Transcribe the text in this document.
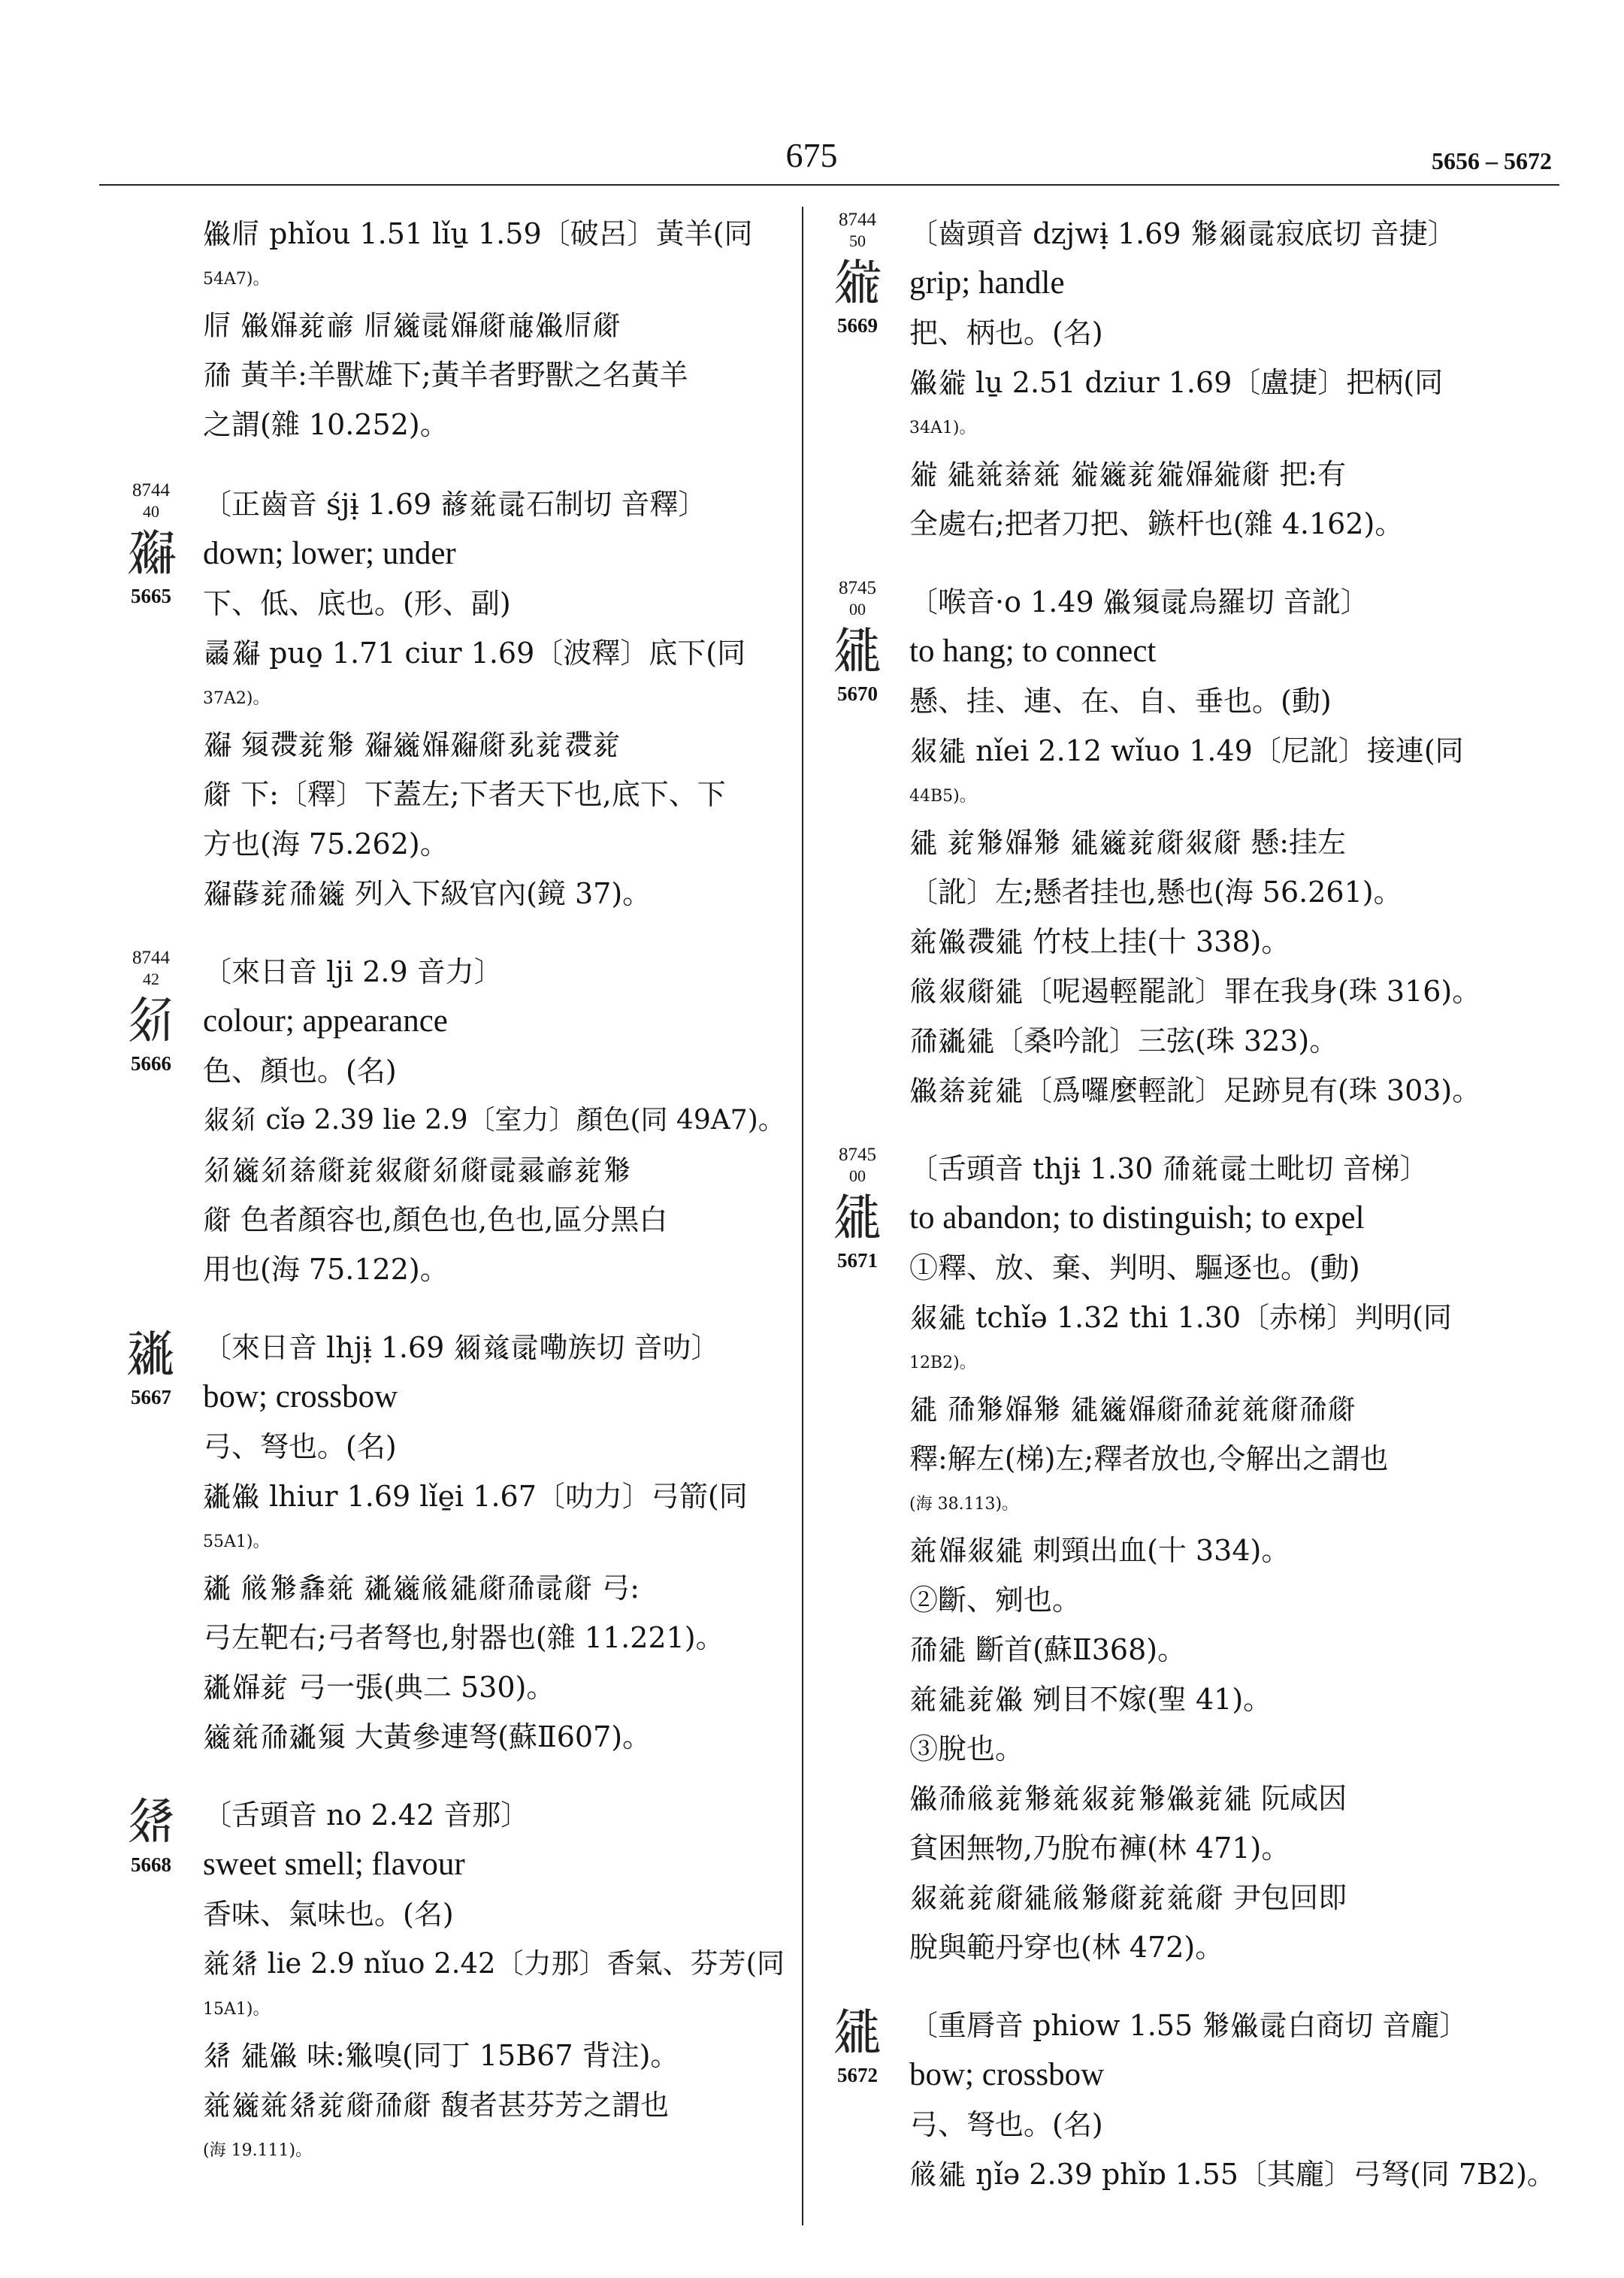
675	5656 – 5672
𗏹𗄭 phǐou 1.51 lǐu̱ 1.59〔破呂〕黃羊(同
54A7)。
𗄭 𗏹𗏵𗐱𗑗 𗄭𗫂𗕑𗏵𗏆𗑷𗏹𗄭𗏆
𗗙 黃羊:羊獸雄下;黃羊者野獸之名黃羊
之謂(雜 10.252)。
8744
40
𗘅
5665
〔正齒音 śjɨ̣ 1.69 𗒘𗑾𗕑石制切 音釋〕
down; lower; under
下、低、底也。(形、副)
𗰭𗘅 puo̱ 1.71 ciur 1.69〔波釋〕底下(同
37A2)。
𗘅 𗊪𗖯𗐱𗊬 𗘅𗫂𗏵𗘅𗏆𗎘𗐱𗖯𗐱
𗏆 下:〔釋〕下蓋左;下者天下也,底下、下
方也(海 75.262)。
𗘅𗛧𗐱𗗙𗫂 列入下級官內(鏡 37)。
8744
42
𗢯
5666
〔來日音 lji 2.9 音力〕
colour; appearance
色、顏也。(名)
𗤒𗢯 cǐə 2.39 lie 2.9〔室力〕顏色(同 49A7)。
𗢯𗫂𗢯𗒇𗏆𗐱𗤒𗏆𗢯𗏆𗕑𗕥𗑗𗐱𗊬
𗏆 色者顏容也,顏色也,色也,區分黑白
用也(海 75.122)。
𗡶
5667
〔來日音 lhjɨ̣ 1.69 𗥃𗒛𗕑嘞族切 音叻〕
bow; crossbow
弓、弩也。(名)
𗡶𗏹 lhiur 1.69 lǐe̱i 1.67〔叻力〕弓箭(同
55A1)。
𗡶 𗏅𗊬𗐕𗑾 𗡶𗫂𗏅𗧓𗏆𗗙𗕑𗏆 弓:
弓左靶右;弓者弩也,射器也(雜 11.221)。
𗡶𗏵𗐱 弓一張(典二 530)。
𗫂𗑾𗗙𗡶𗊪 大黃參連弩(蘇Ⅱ607)。
𗣉
5668
〔舌頭音 no 2.42 音那〕
sweet smell; flavour
香味、氣味也。(名)
𗑾𗣉 lie 2.9 nǐuo 2.42〔力那〕香氣、芬芳(同
15A1)。
𗣉 𗧓𗏹 味:𗋰嗅(同丁 15B67 背注)。
𗑾𗫂𗑾𗣉𗐱𗏆𗗙𗏆 馥者甚芬芳之謂也
(海 19.111)。
8744
50
𗨁
5669
〔齒頭音 dzjwɨ̣ 1.69 𗊬𗥃𗕑寂底切 音捷〕
grip; handle
把、柄也。(名)
𗏹𗨁 lu̱ 2.51 dziur 1.69〔盧捷〕把柄(同
34A1)。
𗨁 𗧓𗑾𗒇𗑾 𗨁𗫂𗐱𗨁𗏵𗨁𗏆 把:有
全處右;把者刀把、鏃杆也(雜 4.162)。
8745
00
𗧓
5670
〔喉音·o 1.49 𗏹𗊪𗕑烏羅切 音訛〕
to hang; to connect
懸、挂、連、在、自、垂也。(動)
𗤒𗧓 nǐei 2.12 wǐuo 1.49〔尼訛〕接連(同
44B5)。
𗧓 𗐱𗊬𗏵𗊬 𗧓𗫂𗐱𗏆𗤒𗏆 懸:挂左
〔訛〕左;懸者挂也,懸也(海 56.261)。
𗑾𗏹𗖯𗧓 竹枝上挂(十 338)。
𗏅𗤒𗏆𗧓〔呢遏輕罷訛〕罪在我身(珠 316)。
𗗙𗡶𗧓〔桑吟訛〕三弦(珠 323)。
𗏹𗒇𗐱𗧓〔爲囉麼輕訛〕足跡見有(珠 303)。
8745
00
𗧓
5671
〔舌頭音 thjɨ 1.30 𗗙𗑾𗕑土毗切 音梯〕
to abandon; to distinguish; to expel
①釋、放、棄、判明、驅逐也。(動)
𗤒𗧓 tchǐə 1.32 thi 1.30〔赤梯〕判明(同
12B2)。
𗧓 𗗙𗊬𗏵𗊬 𗧓𗫂𗏵𗏆𗗙𗐱𗑾𗏆𗗙𗏆
釋:解左(梯)左;釋者放也,令解出之謂也
(海 38.113)。
𗑾𗏵𗤒𗧓 刺頸出血(十 334)。
②斷、剜也。
𗗙𗧓 斷首(蘇Ⅱ368)。
𗑾𗧓𗐱𗏹 剜目不嫁(聖 41)。
③脫也。
𗏹𗗙𗏅𗐱𗊬𗑾𗤒𗐱𗊬𗏹𗐱𗧓 阮咸因
貧困無物,乃脫布褲(林 471)。
𗤒𗑾𗐱𗏆𗧓𗏅𗊬𗏆𗐱𗑾𗏆 尹包回即
脫與範丹穿也(林 472)。
𗧓
5672
〔重脣音 phiow 1.55 𗊬𗏹𗕑白商切 音龐〕
bow; crossbow
弓、弩也。(名)
𗏅𗧓 ŋǐə 2.39 phǐɒ 1.55〔其龐〕弓弩(同 7B2)。
